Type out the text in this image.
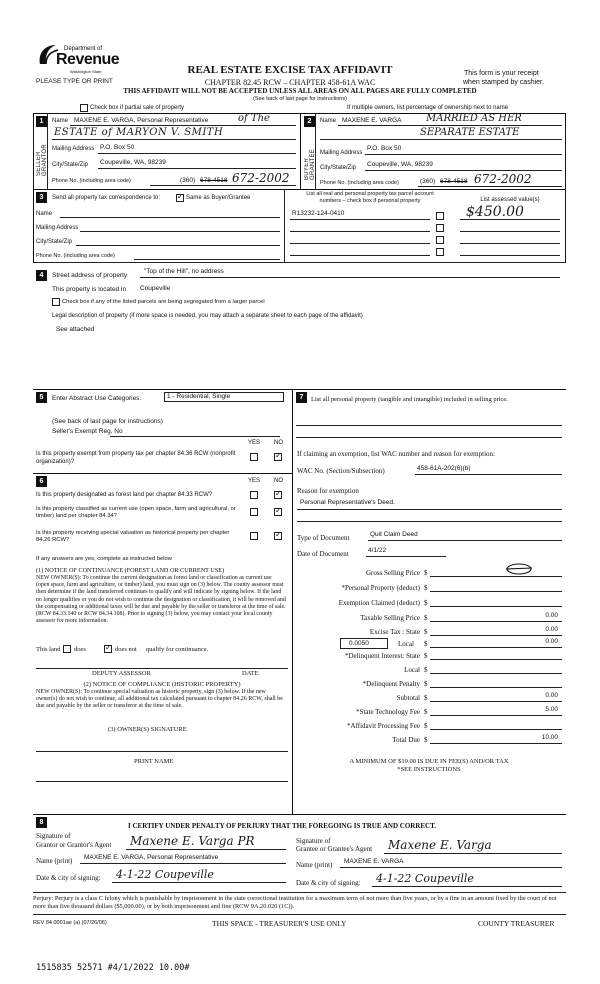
Department of
Revenue
Washington State
PLEASE TYPE OR PRINT
REAL ESTATE EXCISE TAX AFFIDAVIT
CHAPTER 82.45 RCW – CHAPTER 458-61A WAC
THIS AFFIDAVIT WILL NOT BE ACCEPTED UNLESS ALL AREAS ON ALL PAGES ARE FULLY COMPLETED
(See back of last page for instructions)
This form is your receipt
when stamped by cashier.
Check box if partial sale of property	If multiple owners, list percentage of ownership next to name
1
SELLER GRANTOR
Name MAXENE E. VARGA, Personal Representative	of The
ESTATE of MARYON V. SMITH
Mailing Address P.O. Box 50
City/State/Zip	Coupeville, WA, 98239
Phone No. (including area code)	(360) 678-4518 672-2002
2
BUYER GRANTEE
Name MAXENE E. VARGA MARRIED AS HER
SEPARATE ESTATE
Mailing Address
P.O. Box 50
City/State/Zip	Coupeville, WA, 98239
Phone No. (including area code)	(360) 678-4518 672-2002
3	Send all property tax correspondence to: ✓	Same as Buyer/Grantee
Name
Mailing Address
City/State/Zip
Phone No. (including area code)
List all real and personal property tax parcel account
numbers – check box if personal property	List assessed value(s)
R13232-124-0410	$450.00
4	Street address of property
"Top of the Hill", no address
This property is located in Coupeville
Check box if any of the listed parcels are being segregated from a larger parcel
Legal description of property (if more space is needed, you may attach a separate sheet to each page of the affidavit)
See attached
5	Enter Abstract Use Categories:	1 - Residential, Single
(See back of last page for instructions)
Seller's Exempt Reg. No
YES NO
Is this property exempt from property tax per chapter 84.36 RCW (nonprofit organization)?
✓
6	YES NO
Is this property designated as forest land per chapter 84.33 RCW?
✓
Is this property classified as current use (open space, farm and agricultural, or timber) land per chapter 84.34?
✓
Is this property receiving special valuation as historical property per chapter 84.26 RCW?
✓
If any answers are yes, complete as instructed below
(1) NOTICE OF CONTINUANCE (FOREST LAND OR CURRENT USE)
NEW OWNER(S): To continue the current designation as forest land or classification as current use (open space, farm and agriculture, or timber) land, you must sign on (3) below. The county assessor must then determine if the land transferred continues to qualify and will indicate by signing below. If the land no longer qualifies or you do not wish to continue the designation or classification, it will be removed and the compensating or additional taxes will be due and payable by the seller or transferor at the time of sale. (RCW 84.33.140 or RCW 84.34.108). Prior to signing (3) below, you may contact your local county assessor for more information.
This land does ✓	does not qualify for continuance.
DEPUTY ASSESSOR	DATE
(2) NOTICE OF COMPLIANCE (HISTORIC PROPERTY)
NEW OWNER(S): To continue special valuation as historic property, sign (3) below. If the new owner(s) do not wish to continue, all additional tax calculated pursuant to chapter 84.26 RCW, shall be due and payable by the seller or transferor at the time of sale.
(3) OWNER(S) SIGNATURE
PRINT NAME
7	List all personal property (tangible and intangible) included in selling price.
If claiming an exemption, list WAC number and reason for exemption:
WAC No. (Section/Subsection)	458-61A-202(6)(b)
Reason for exemption
Personal Representative's Deed.
Type of Document	Quit Claim Deed
Date of Document	4/1/22
Gross Selling Price $
*Personal Property (deduct) $
Exemption Claimed (deduct) $
Taxable Selling Price $	0.00
Excise Tax : State $	0.00
0.0050	Local $	0.00
*Delinquent Interest: State $
Local $
*Delinquent Penalty $
Subtotal $	0.00
*State Technology Fee $	5.00
*Affidavit Processing Fee $
Total Due $	10.00
A MINIMUM OF $10.00 IS DUE IN FEE(S) AND/OR TAX
*SEE INSTRUCTIONS
8	I CERTIFY UNDER PENALTY OF PERJURY THAT THE FOREGOING IS TRUE AND CORRECT.
Signature of
Grantor or Grantor's Agent	Maxene E. Varga PR
Name (print)	MAXENE E. VARGA, Personal Representative
Date & city of signing:	4-1-22 Coupeville
Signature of
Grantee or Grantee's Agent	Maxene E. Varga
Name (print)	MAXENE E. VARGA
Date & city of signing:	4-1-22 Coupeville
Perjury: Perjury is a class C felony which is punishable by imprisonment in the state correctional institution for a maximum term of not more than five years, or by a fine in an amount fixed by the court of not more than five thousand dollars ($5,000.00), or by both imprisonment and fine (RCW 9A.20.020 (1C)).
REV 84 0001ae (a) (07/26/06)	THIS SPACE - TREASURER'S USE ONLY	COUNTY TREASURER
1515835 52571 #4/1/2022 10.00#
